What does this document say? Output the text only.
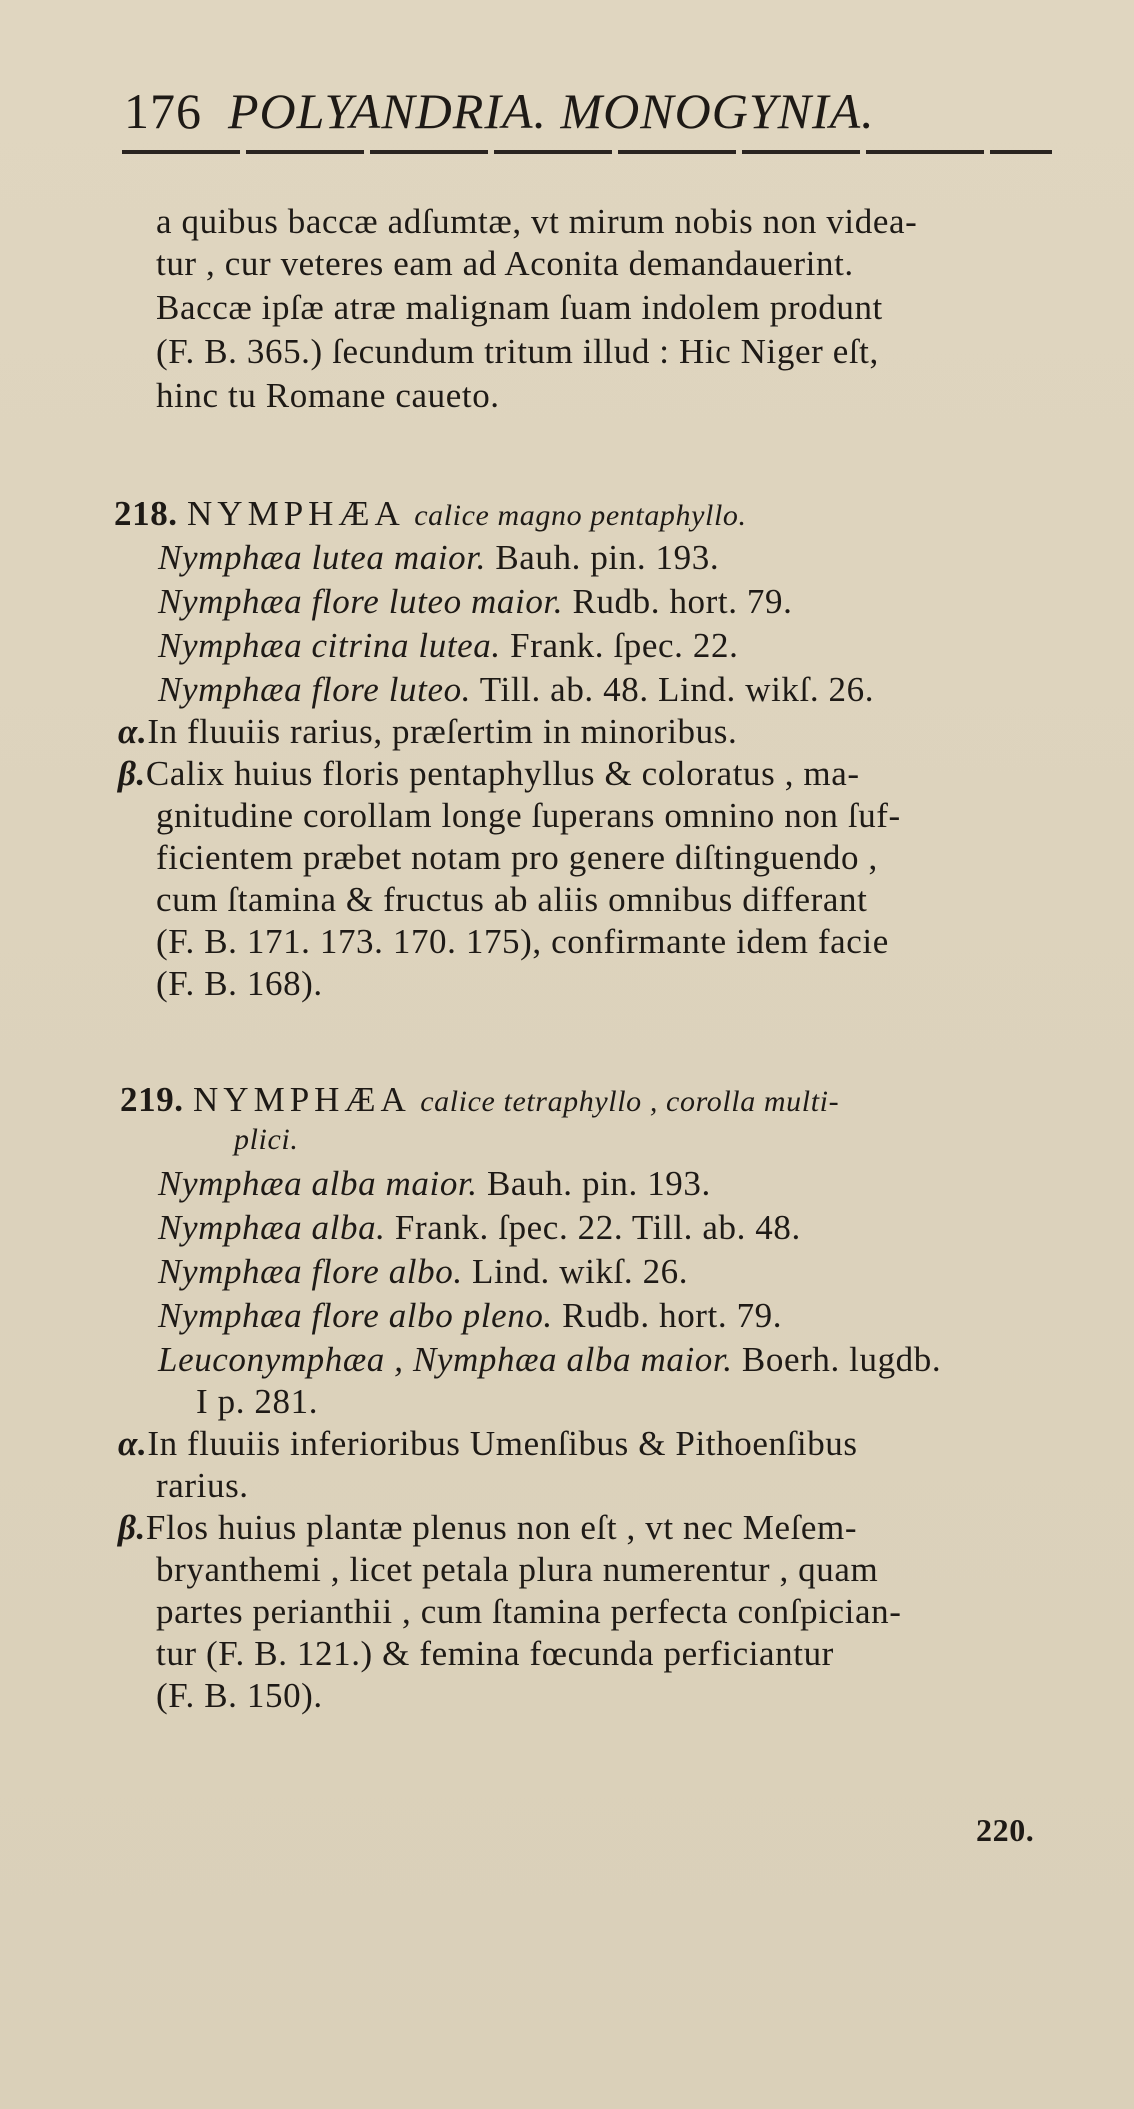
176 POLYANDRIA. MONOGYNIA.
a quibus baccæ adſumtæ, vt mirum nobis non videa-
tur , cur veteres eam ad Aconita demandauerint.
Baccæ ipſæ atræ malignam ſuam indolem produnt
(F. B. 365.) ſecundum tritum illud : Hic Niger eſt,
hinc tu Romane caueto.
218. NYMPHÆA calice magno pentaphyllo.
Nymphæa lutea maior. Bauh. pin. 193.
Nymphæa flore luteo maior. Rudb. hort. 79.
Nymphæa citrina lutea. Frank. ſpec. 22.
Nymphæa flore luteo. Till. ab. 48. Lind. wikſ. 26.
α.In fluuiis rarius, præſertim in minoribus.
β.Calix huius floris pentaphyllus & coloratus , ma-
gnitudine corollam longe ſuperans omnino non ſuf-
ficientem præbet notam pro genere diſtinguendo ,
cum ſtamina & fructus ab aliis omnibus differant
(F. B. 171. 173. 170. 175), confirmante idem facie
(F. B. 168).
219. NYMPHÆA calice tetraphyllo , corolla multi-
plici.
Nymphæa alba maior. Bauh. pin. 193.
Nymphæa alba. Frank. ſpec. 22. Till. ab. 48.
Nymphæa flore albo. Lind. wikſ. 26.
Nymphæa flore albo pleno. Rudb. hort. 79.
Leuconymphæa , Nymphæa alba maior. Boerh. lugdb.
I p. 281.
α.In fluuiis inferioribus Umenſibus & Pithoenſibus
rarius.
β.Flos huius plantæ plenus non eſt , vt nec Meſem-
bryanthemi , licet petala plura numerentur , quam
partes perianthii , cum ſtamina perfecta conſpician-
tur (F. B. 121.) & femina fœcunda perficiantur
(F. B. 150).
220.
